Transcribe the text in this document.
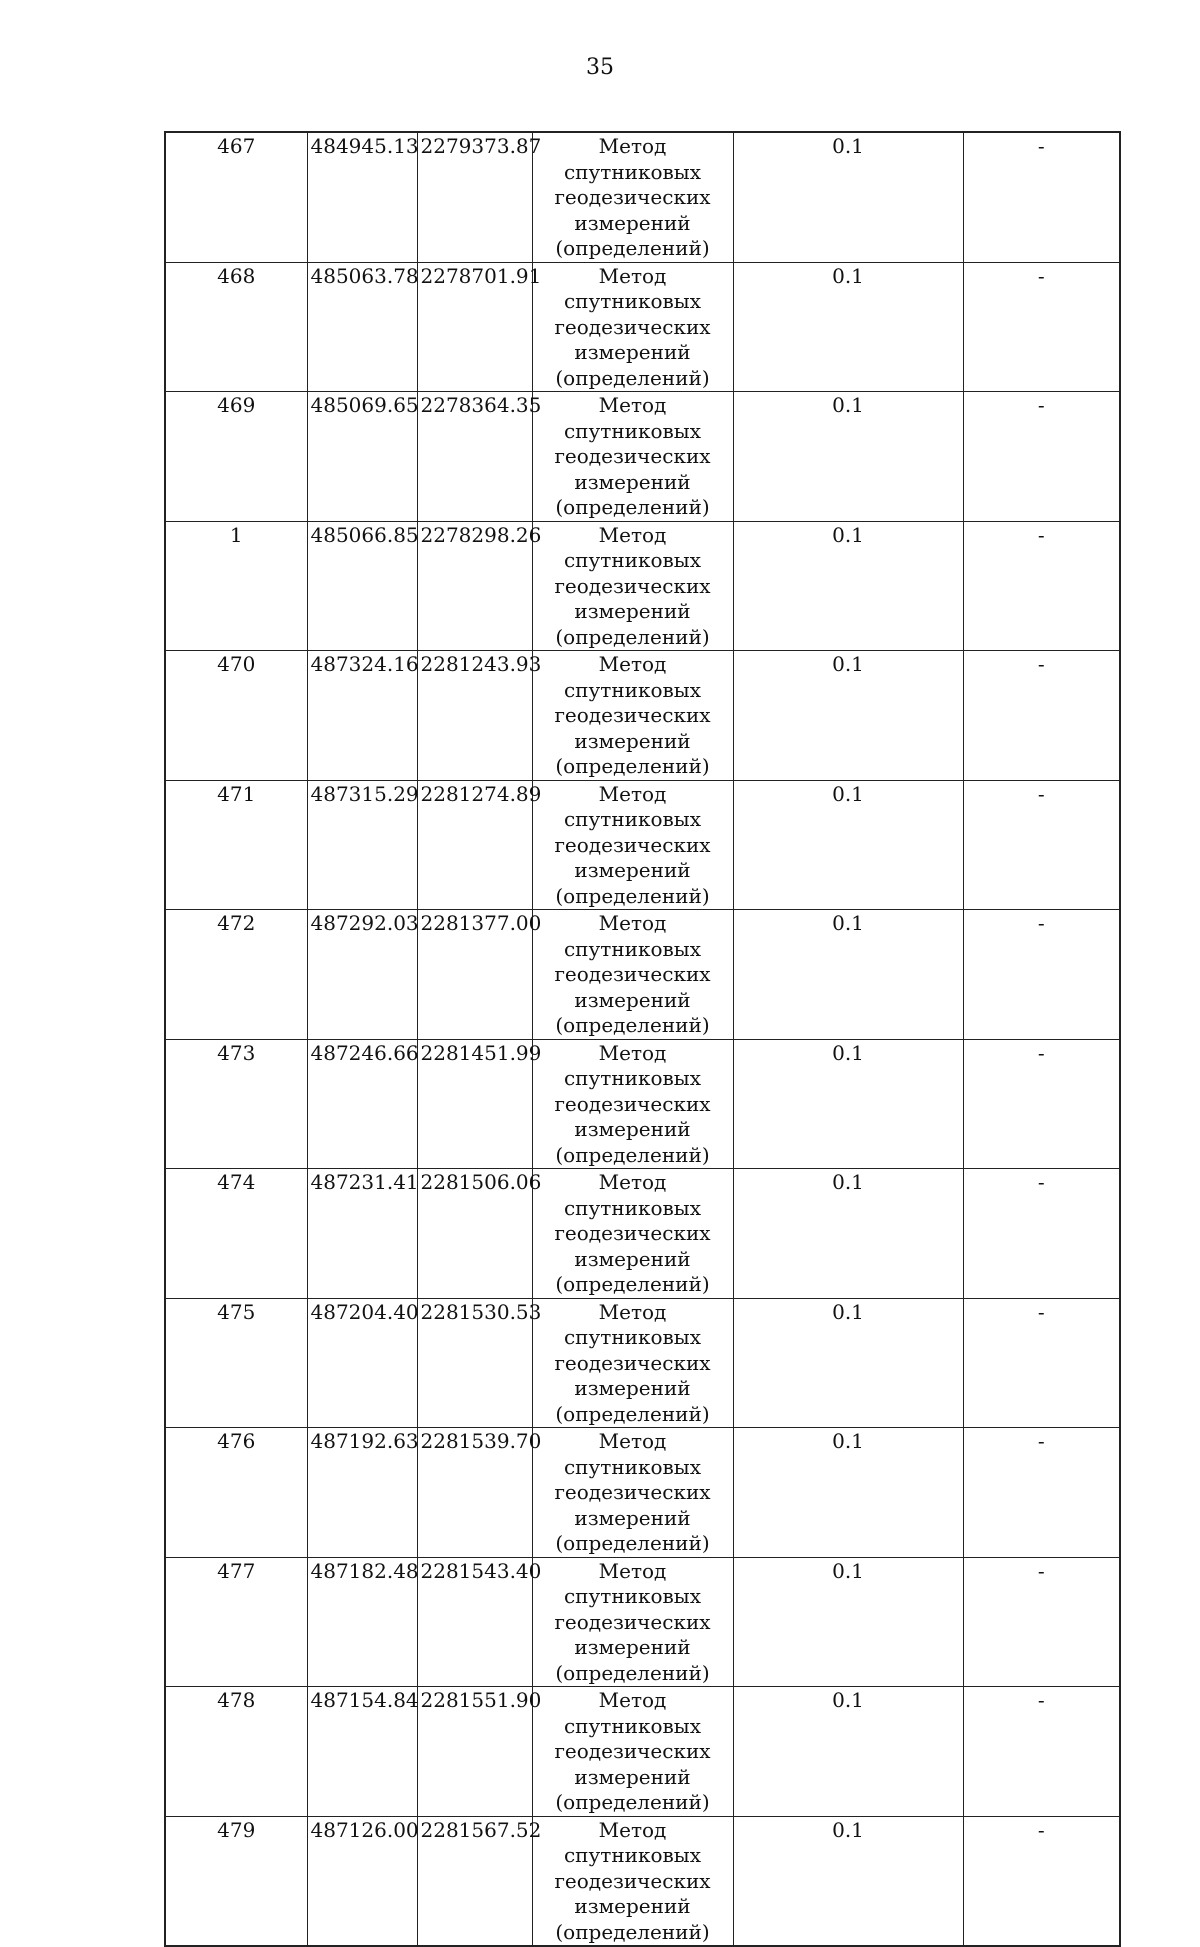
35
467	484945.13	2279373.87	Метод спутниковых геодезических измерений (определений)	0.1	-
468	485063.78	2278701.91	Метод спутниковых геодезических измерений (определений)	0.1	-
469	485069.65	2278364.35	Метод спутниковых геодезических измерений (определений)	0.1	-
1	485066.85	2278298.26	Метод спутниковых геодезических измерений (определений)	0.1	-
470	487324.16	2281243.93	Метод спутниковых геодезических измерений (определений)	0.1	-
471	487315.29	2281274.89	Метод спутниковых геодезических измерений (определений)	0.1	-
472	487292.03	2281377.00	Метод спутниковых геодезических измерений (определений)	0.1	-
473	487246.66	2281451.99	Метод спутниковых геодезических измерений (определений)	0.1	-
474	487231.41	2281506.06	Метод спутниковых геодезических измерений (определений)	0.1	-
475	487204.40	2281530.53	Метод спутниковых геодезических измерений (определений)	0.1	-
476	487192.63	2281539.70	Метод спутниковых геодезических измерений (определений)	0.1	-
477	487182.48	2281543.40	Метод спутниковых геодезических измерений (определений)	0.1	-
478	487154.84	2281551.90	Метод спутниковых геодезических измерений (определений)	0.1	-
479	487126.00	2281567.52	Метод спутниковых геодезических измерений (определений)	0.1	-
